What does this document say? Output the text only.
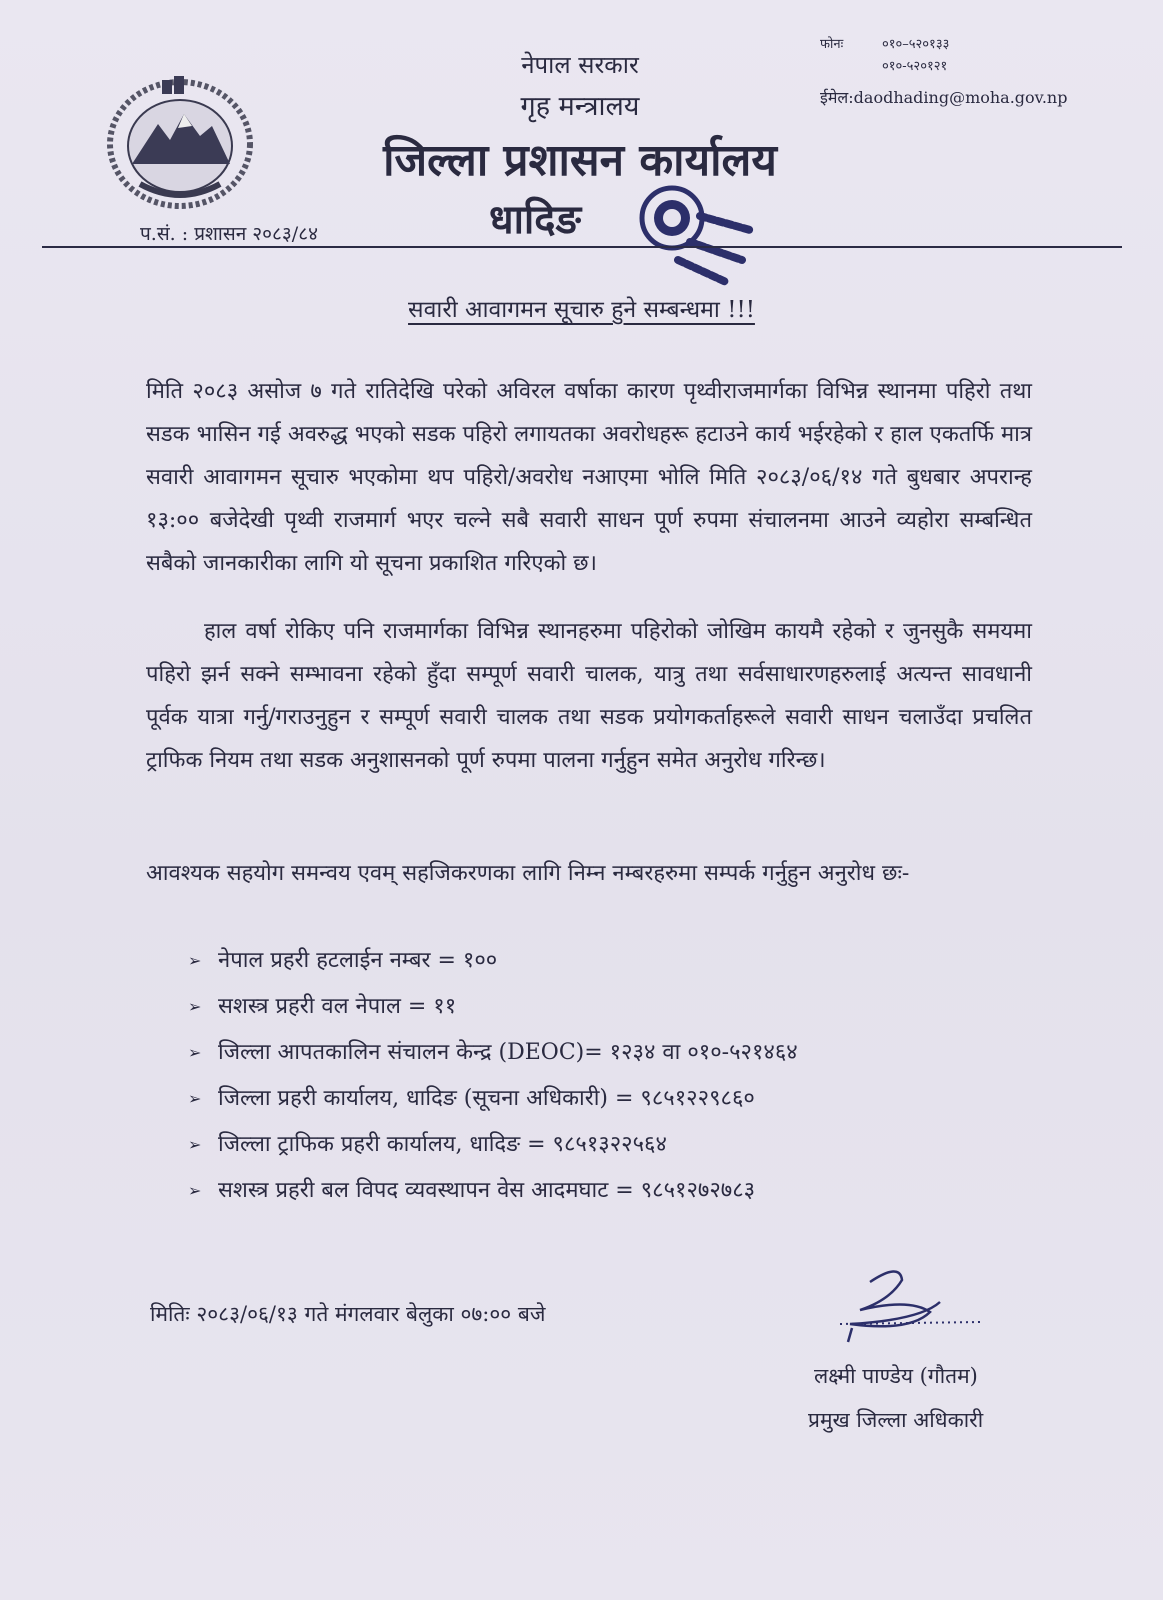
नेपाल सरकार
गृह मन्त्रालय
जिल्ला प्रशासन कार्यालय
धादिङ
फोनः	०१०–५२०१३३
०१०-५२०१२१
ईमेल:daodhading@moha.gov.np
प.सं. : प्रशासन २०८३/८४
सवारी आवागमन सूचारु हुने सम्बन्धमा !!!
मिति २०८३ असोज ७ गते रातिदेखि परेको अविरल वर्षाका कारण पृथ्वीराजमार्गका विभिन्न स्थानमा पहिरो तथा सडक भासिन गई अवरुद्ध भएको सडक पहिरो लगायतका अवरोधहरू हटाउने कार्य भईरहेको र हाल एकतर्फि मात्र सवारी आवागमन सूचारु भएकोमा थप पहिरो/अवरोध नआएमा भोलि मिति २०८३/०६/१४ गते बुधबार अपरान्ह १३:०० बजेदेखी पृथ्वी राजमार्ग भएर चल्ने सबै सवारी साधन पूर्ण रुपमा संचालनमा आउने व्यहोरा सम्बन्धित सबैको जानकारीका लागि यो सूचना प्रकाशित गरिएको छ।
हाल वर्षा रोकिए पनि राजमार्गका विभिन्न स्थानहरुमा पहिरोको जोखिम कायमै रहेको र जुनसुकै समयमा पहिरो झर्न सक्ने सम्भावना रहेको हुँदा सम्पूर्ण सवारी चालक, यात्रु तथा सर्वसाधारणहरुलाई अत्यन्त सावधानी पूर्वक यात्रा गर्नु/गराउनुहुन र सम्पूर्ण सवारी चालक तथा सडक प्रयोगकर्ताहरूले सवारी साधन चलाउँदा प्रचलित ट्राफिक नियम तथा सडक अनुशासनको पूर्ण रुपमा पालना गर्नुहुन समेत अनुरोध गरिन्छ।
आवश्यक सहयोग समन्वय एवम् सहजिकरणका लागि निम्न नम्बरहरुमा सम्पर्क गर्नुहुन अनुरोध छः-
➢ नेपाल प्रहरी हटलाईन नम्बर = १००
➢ सशस्त्र प्रहरी वल नेपाल = ११
➢ जिल्ला आपतकालिन संचालन केन्द्र (DEOC)= १२३४ वा ०१०-५२१४६४
➢ जिल्ला प्रहरी कार्यालय, धादिङ (सूचना अधिकारी) = ९८५१२२९८६०
➢ जिल्ला ट्राफिक प्रहरी कार्यालय, धादिङ = ९८५१३२२५६४
➢ सशस्त्र प्रहरी बल विपद व्यवस्थापन वेस आदमघाट = ९८५१२७२७८३
मितिः २०८३/०६/१३ गते मंगलवार बेलुका ०७:०० बजे
लक्ष्मी पाण्डेय (गौतम)
प्रमुख जिल्ला अधिकारी
